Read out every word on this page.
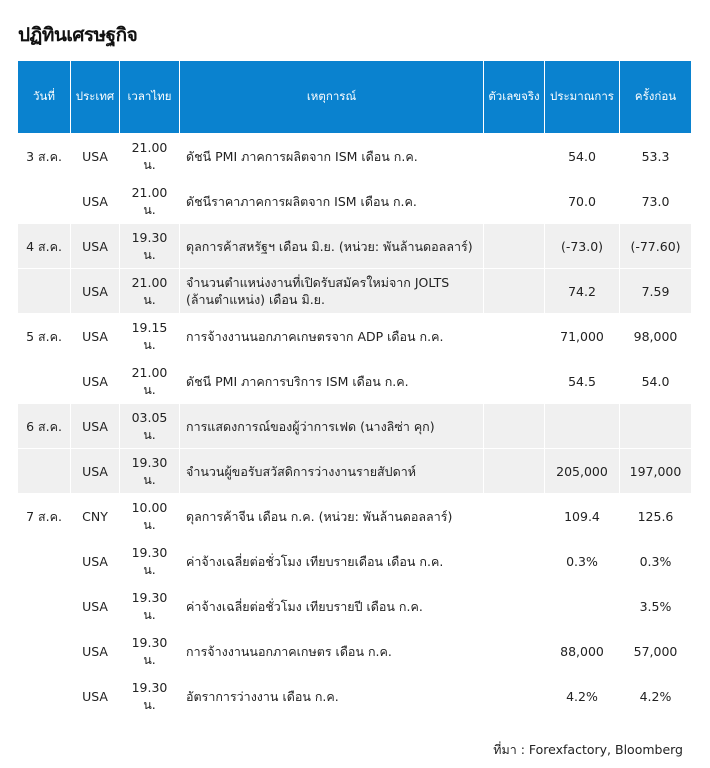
ปฏิทินเศรษฐกิจ
วันที่	ประเทศ	เวลาไทย	เหตุการณ์	ตัวเลขจริง	ประมาณการ	ครั้งก่อน
3 ส.ค.	USA	21.00 น.	ดัชนี PMI ภาคการผลิตจาก ISM เดือน ก.ค.		54.0	53.3
	USA	21.00 น.	ดัชนีราคาภาคการผลิตจาก ISM เดือน ก.ค.		70.0	73.0
4 ส.ค.	USA	19.30 น.	ดุลการค้าสหรัฐฯ เดือน มิ.ย. (หน่วย: พันล้านดอลลาร์)		(-73.0)	(-77.60)
	USA	21.00 น.	จำนวนตำแหน่งงานที่เปิดรับสมัครใหม่จาก JOLTS (ล้านตำแหน่ง) เดือน มิ.ย.		74.2	7.59
5 ส.ค.	USA	19.15 น.	การจ้างงานนอกภาคเกษตรจาก ADP เดือน ก.ค.		71,000	98,000
	USA	21.00 น.	ดัชนี PMI ภาคการบริการ ISM เดือน ก.ค.		54.5	54.0
6 ส.ค.	USA	03.05 น.	การแสดงการณ์ของผู้ว่าการเฟด (นางลิซ่า คุก)			
	USA	19.30 น.	จำนวนผู้ขอรับสวัสดิการว่างงานรายสัปดาห์		205,000	197,000
7 ส.ค.	CNY	10.00 น.	ดุลการค้าจีน เดือน ก.ค. (หน่วย: พันล้านดอลลาร์)		109.4	125.6
	USA	19.30 น.	ค่าจ้างเฉลี่ยต่อชั่วโมง เทียบรายเดือน เดือน ก.ค.		0.3%	0.3%
	USA	19.30 น.	ค่าจ้างเฉลี่ยต่อชั่วโมง เทียบรายปี เดือน ก.ค.			3.5%
	USA	19.30 น.	การจ้างงานนอกภาคเกษตร เดือน ก.ค.		88,000	57,000
	USA	19.30 น.	อัตราการว่างงาน เดือน ก.ค.		4.2%	4.2%
ที่มา : Forexfactory, Bloomberg
